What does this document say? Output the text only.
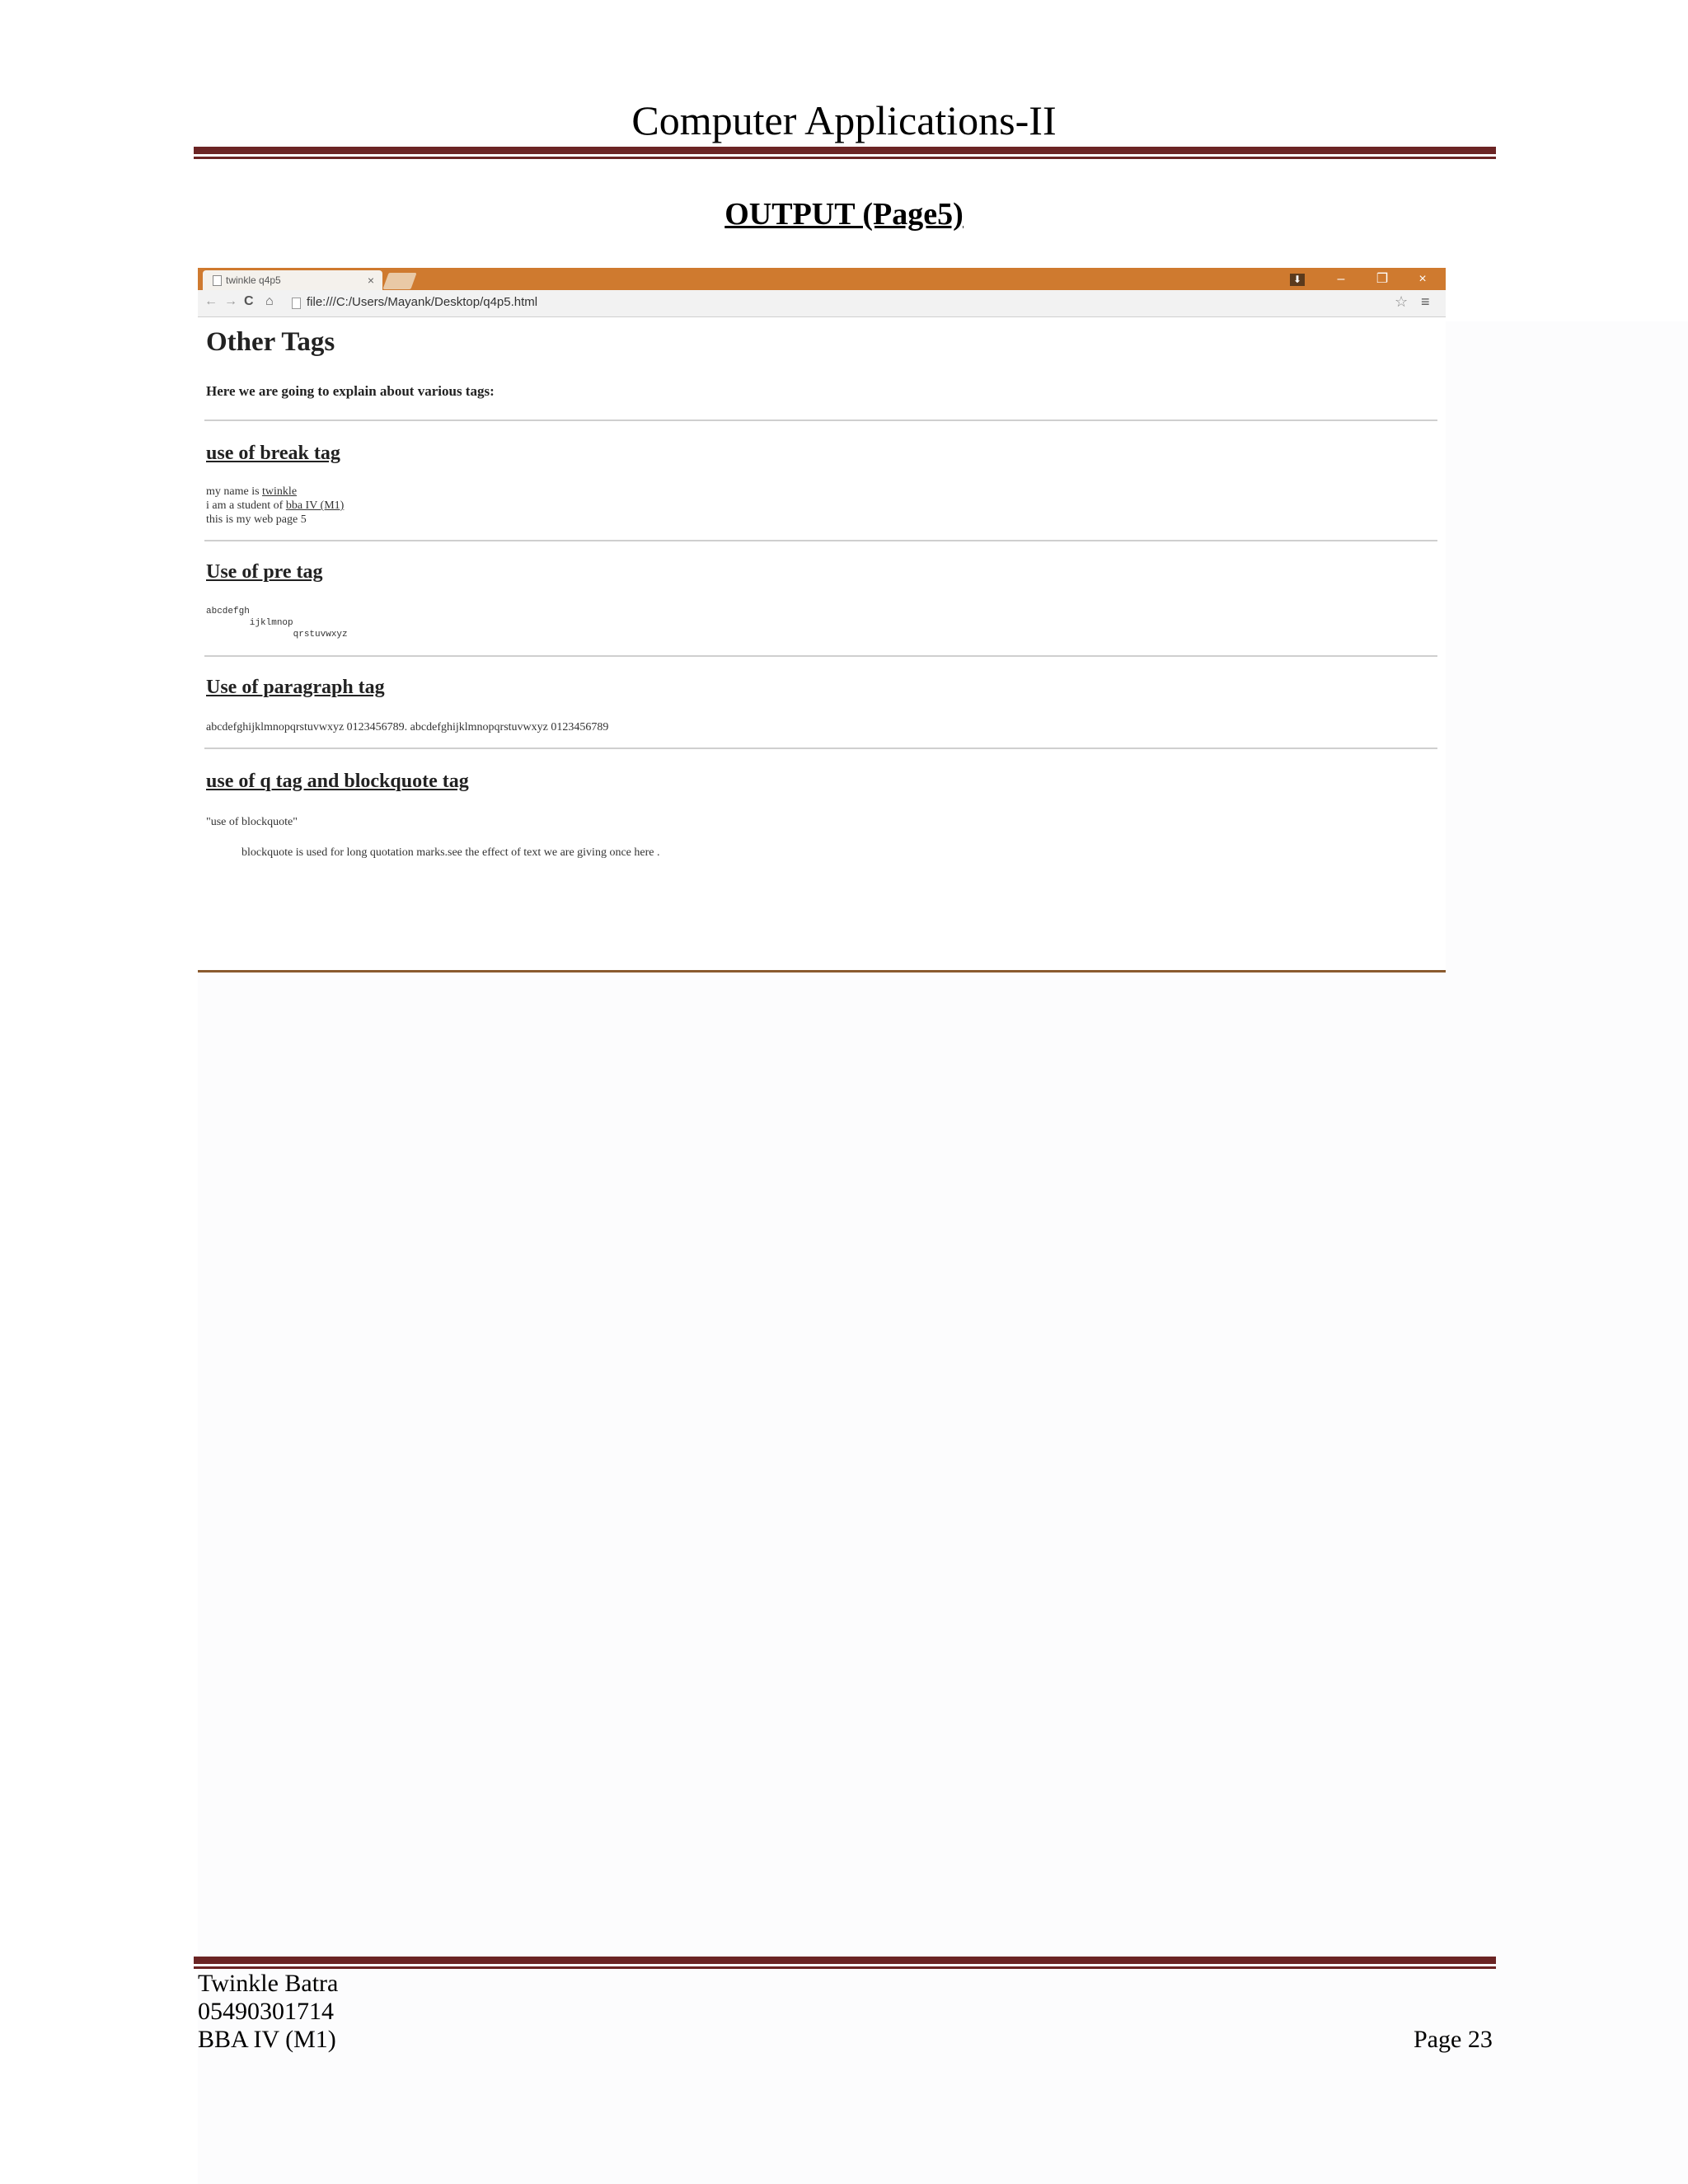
Computer Applications-II
OUTPUT (Page5)
twinkle q4p5	×	⬇	–	❐	×
← → C ⌂	file:///C:/Users/Mayank/Desktop/q4p5.html	☆ ≡
Other Tags
Here we are going to explain about various tags:
use of break tag
my name is twinkle
i am a student of bba IV (M1)
this is my web page 5
Use of pre tag
abcdefgh
ijklmnop
qrstuvwxyz
Use of paragraph tag
abcdefghijklmnopqrstuvwxyz 0123456789. abcdefghijklmnopqrstuvwxyz 0123456789
use of q tag and blockquote tag
"use of blockquote"
blockquote is used for long quotation marks.see the effect of text we are giving once here .
Twinkle Batra
05490301714
BBA IV (M1)	Page 23
